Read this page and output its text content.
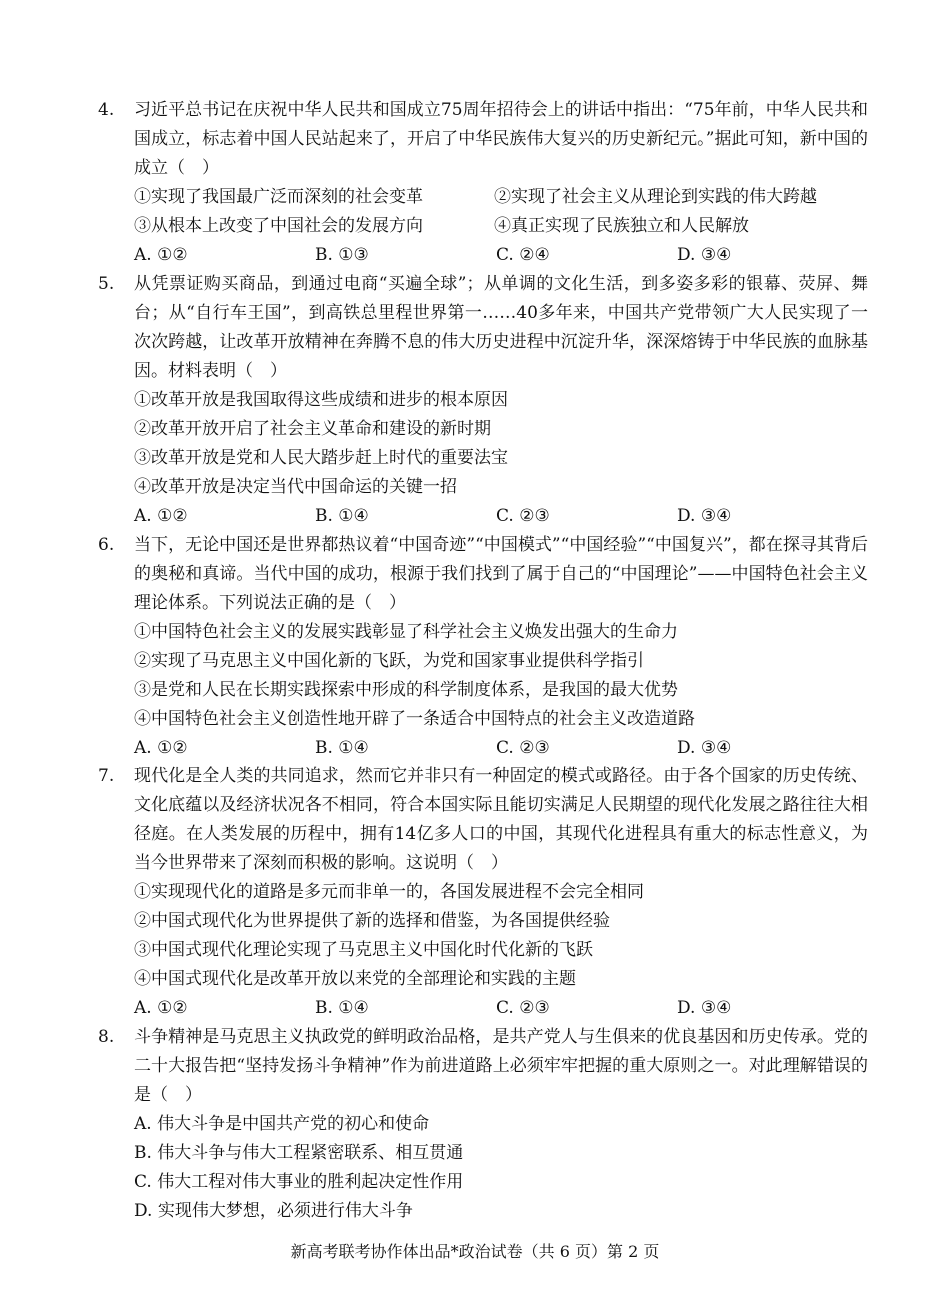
4. 习近平总书记在庆祝中华人民共和国成立75周年招待会上的讲话中指出：“75年前，中华人民共和国成立，标志着中国人民站起来了，开启了中华民族伟大复兴的历史新纪元。”据此可知，新中国的成立（　）
①实现了我国最广泛而深刻的社会变革	②实现了社会主义从理论到实践的伟大跨越
③从根本上改变了中国社会的发展方向	④真正实现了民族独立和人民解放
A. ①②	B. ①③	C. ②④	D. ③④
5. 从凭票证购买商品，到通过电商“买遍全球”；从单调的文化生活，到多姿多彩的银幕、荧屏、舞台；从“自行车王国”，到高铁总里程世界第一……40多年来，中国共产党带领广大人民实现了一次次跨越，让改革开放精神在奔腾不息的伟大历史进程中沉淀升华，深深熔铸于中华民族的血脉基因。材料表明（　）
①改革开放是我国取得这些成绩和进步的根本原因
②改革开放开启了社会主义革命和建设的新时期
③改革开放是党和人民大踏步赶上时代的重要法宝
④改革开放是决定当代中国命运的关键一招
A. ①②	B. ①④	C. ②③	D. ③④
6. 当下，无论中国还是世界都热议着“中国奇迹”“中国模式”“中国经验”“中国复兴”，都在探寻其背后的奥秘和真谛。当代中国的成功，根源于我们找到了属于自己的“中国理论”——中国特色社会主义理论体系。下列说法正确的是（　）
①中国特色社会主义的发展实践彰显了科学社会主义焕发出强大的生命力
②实现了马克思主义中国化新的飞跃，为党和国家事业提供科学指引
③是党和人民在长期实践探索中形成的科学制度体系，是我国的最大优势
④中国特色社会主义创造性地开辟了一条适合中国特点的社会主义改造道路
A. ①②	B. ①④	C. ②③	D. ③④
7. 现代化是全人类的共同追求，然而它并非只有一种固定的模式或路径。由于各个国家的历史传统、文化底蕴以及经济状况各不相同，符合本国实际且能切实满足人民期望的现代化发展之路往往大相径庭。在人类发展的历程中，拥有14亿多人口的中国，其现代化进程具有重大的标志性意义，为当今世界带来了深刻而积极的影响。这说明（　）
①实现现代化的道路是多元而非单一的，各国发展进程不会完全相同
②中国式现代化为世界提供了新的选择和借鉴，为各国提供经验
③中国式现代化理论实现了马克思主义中国化时代化新的飞跃
④中国式现代化是改革开放以来党的全部理论和实践的主题
A. ①②	B. ①④	C. ②③	D. ③④
8. 斗争精神是马克思主义执政党的鲜明政治品格，是共产党人与生俱来的优良基因和历史传承。党的二十大报告把“坚持发扬斗争精神”作为前进道路上必须牢牢把握的重大原则之一。对此理解错误的是（　）
A. 伟大斗争是中国共产党的初心和使命
B. 伟大斗争与伟大工程紧密联系、相互贯通
C. 伟大工程对伟大事业的胜利起决定性作用
D. 实现伟大梦想，必须进行伟大斗争
新高考联考协作体出品*政治试卷（共 6 页）第 2 页
